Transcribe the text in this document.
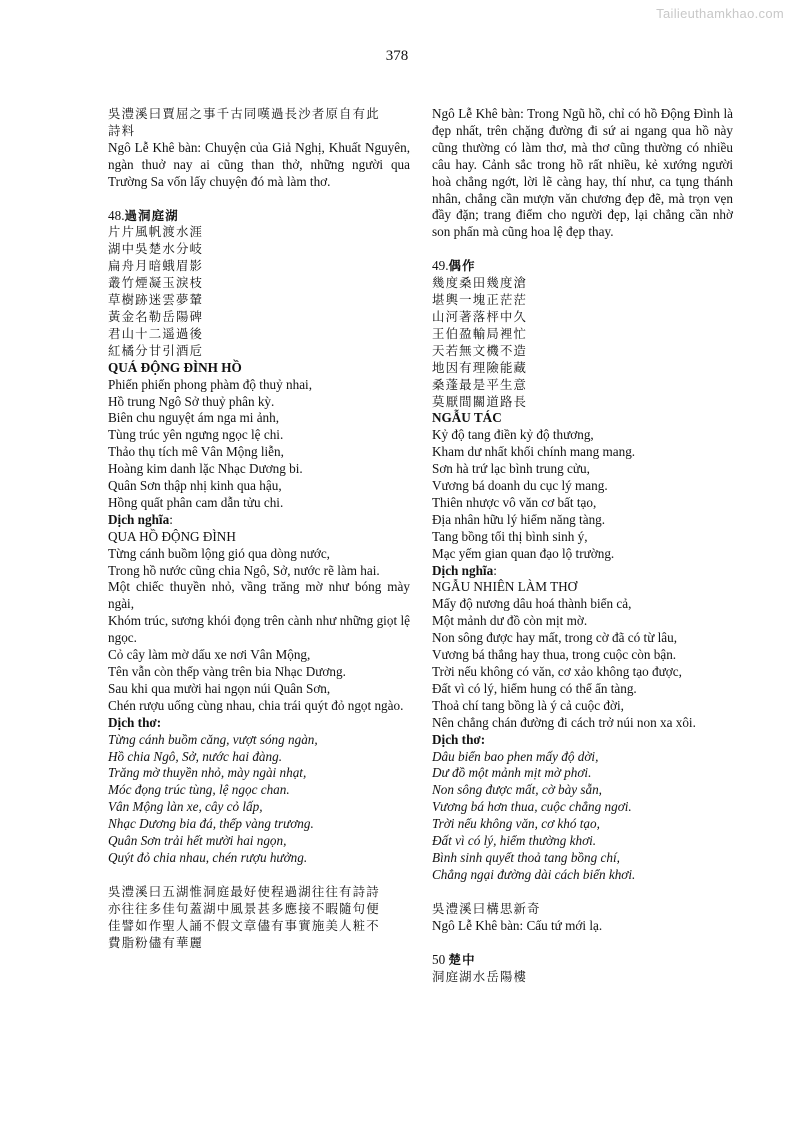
Tailieuthamkhao.com
378
吳澧溪曰賈屈之事千古同嘆過長沙者原自有此
詩料
Ngô Lễ Khê bàn: Chuyện của Giả Nghị, Khuất Nguyên, ngàn thuở nay ai cũng than thở, những người qua Trường Sa vốn lấy chuyện đó mà làm thơ.
48.過洞庭湖
片片風帆渡水涯
湖中吳楚水分岐
扁舟月暗蛾眉影
叢竹煙凝玉淚枝
草樹跡迷雲夢輦
黃金名勒岳陽碑
君山十二遥過後
紅橘分甘引酒卮
QUÁ ĐỘNG ĐÌNH HỒ
Phiến phiến phong phàm độ thuỷ nhai,
Hồ trung Ngô Sở thuỷ phân kỳ.
Biên chu nguyệt ám nga mi ảnh,
Tùng trúc yên ngưng ngọc lệ chi.
Thảo thụ tích mê Vân Mộng liễn,
Hoàng kim danh lặc Nhạc Dương bi.
Quân Sơn thập nhị kinh qua hậu,
Hồng quất phân cam dẫn tửu chi.
Dịch nghĩa:
QUA HỒ ĐỘNG ĐÌNH
Từng cánh buồm lộng gió qua dòng nước,
Trong hồ nước cũng chia Ngô, Sở, nước rẽ làm hai.
Một chiếc thuyền nhỏ, vầng trăng mờ như bóng mày ngài,
Khóm trúc, sương khói đọng trên cành như những giọt lệ ngọc.
Cỏ cây làm mờ dấu xe nơi Vân Mộng,
Tên vẫn còn thếp vàng trên bia Nhạc Dương.
Sau khi qua mười hai ngọn núi Quân Sơn,
Chén rượu uống cùng nhau, chia trái quýt đỏ ngọt ngào.
Dịch thơ:
Từng cánh buồm căng, vượt sóng ngàn,
Hồ chia Ngô, Sở, nước hai đàng.
Trăng mờ thuyền nhỏ, mày ngài nhạt,
Móc đọng trúc tùng, lệ ngọc chan.
Vân Mộng làn xe, cây cỏ lấp,
Nhạc Dương bia đá, thếp vàng trương.
Quân Sơn trải hết mười hai ngọn,
Quýt đỏ chia nhau, chén rượu hưởng.
吳澧溪曰五湖惟洞庭最好使程過湖往往有詩詩
亦往往多佳句蓋湖中風景甚多應接不暇隨句便
佳譬如作聖人誦不假文章儘有事實施美人粧不
費脂粉儘有華麗
Ngô Lễ Khê bàn: Trong Ngũ hồ, chỉ có hồ Động Đình là đẹp nhất, trên chặng đường đi sứ ai ngang qua hồ này cũng thường có làm thơ, mà thơ cũng thường có nhiều câu hay. Cảnh sắc trong hồ rất nhiều, kẻ xướng người hoà chẳng ngớt, lời lẽ càng hay, thí như, ca tụng thánh nhân, chẳng cần mượn văn chương đẹp đẽ, mà trọn vẹn đầy đặn; trang điểm cho người đẹp, lại chẳng cần nhờ son phấn mà cũng hoa lệ đẹp thay.
49.偶作
幾度桑田幾度滄
堪輿一塊正茫茫
山河著落枰中久
王伯盈輸局裡忙
天若無文機不造
地因有理險能藏
桑蓬最是平生意
莫厭間關道路長
NGẪU TÁC
Kỷ độ tang điền kỷ độ thương,
Kham dư nhất khối chính mang mang.
Sơn hà trứ lạc bình trung cửu,
Vương bá doanh du cục lý mang.
Thiên nhược vô văn cơ bất tạo,
Địa nhân hữu lý hiểm năng tàng.
Tang bồng tối thị bình sinh ý,
Mạc yếm gian quan đạo lộ trường.
Dịch nghĩa:
NGẪU NHIÊN LÀM THƠ
Mấy độ nương dâu hoá thành biển cả,
Một mảnh dư đồ còn mịt mờ.
Non sông được hay mất, trong cờ đã có từ lâu,
Vương bá thắng hay thua, trong cuộc còn bận.
Trời nếu không có văn, cơ xảo không tạo được,
Đất vì có lý, hiểm hung có thể ẩn tàng.
Thoả chí tang bồng là ý cả cuộc đời,
Nên chẳng chán đường đi cách trở núi non xa xôi.
Dịch thơ:
Dâu biển bao phen mấy độ dời,
Dư đồ một mảnh mịt mờ phơi.
Non sông được mất, cờ bày sẵn,
Vương bá hơn thua, cuộc chẳng ngơi.
Trời nếu không văn, cơ khó tạo,
Đất vì có lý, hiểm thường khơi.
Bình sinh quyết thoả tang bồng chí,
Chẳng ngại đường dài cách biển khơi.
吳澧溪曰構思新奇
Ngô Lễ Khê bàn: Cấu tứ mới lạ.
50 楚中
洞庭湖水岳陽樓
